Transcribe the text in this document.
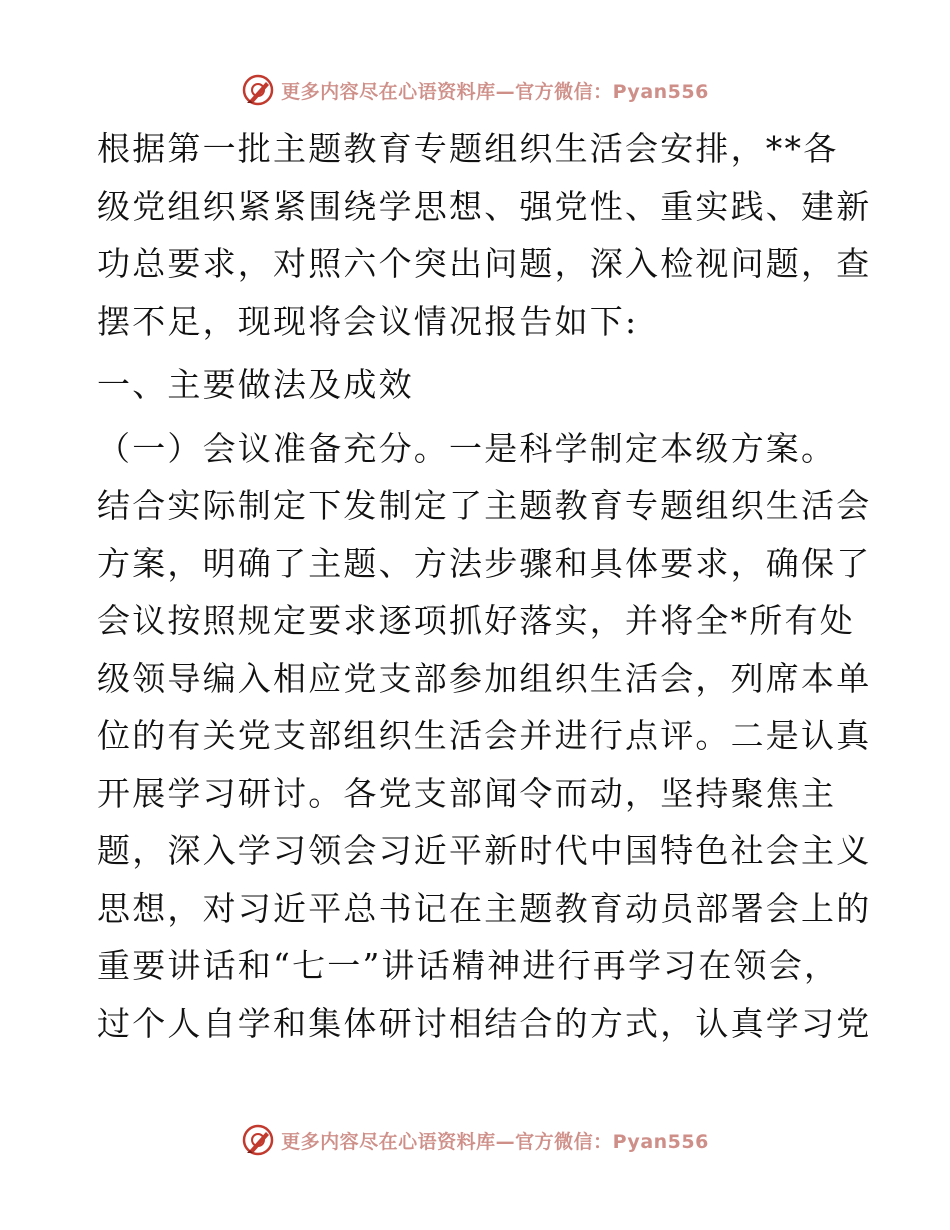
更多内容尽在心语资料库—官方微信：Pyan556
根据第一批主题教育专题组织生活会安排，**各
级党组织紧紧围绕学思想、强党性、重实践、建新
功总要求，对照六个突出问题，深入检视问题，查
摆不足，现现将会议情况报告如下:
一、主要做法及成效
（一）会议准备充分。一是科学制定本级方案。
结合实际制定下发制定了主题教育专题组织生活会
方案，明确了主题、方法步骤和具体要求，确保了
会议按照规定要求逐项抓好落实，并将全*所有处
级领导编入相应党支部参加组织生活会，列席本单
位的有关党支部组织生活会并进行点评。二是认真
开展学习研讨。各党支部闻令而动，坚持聚焦主
题，深入学习领会习近平新时代中国特色社会主义
思想，对习近平总书记在主题教育动员部署会上的
重要讲话和“七一”讲话精神进行再学习在领会，
过个人自学和集体研讨相结合的方式，认真学习党
更多内容尽在心语资料库—官方微信：Pyan556
